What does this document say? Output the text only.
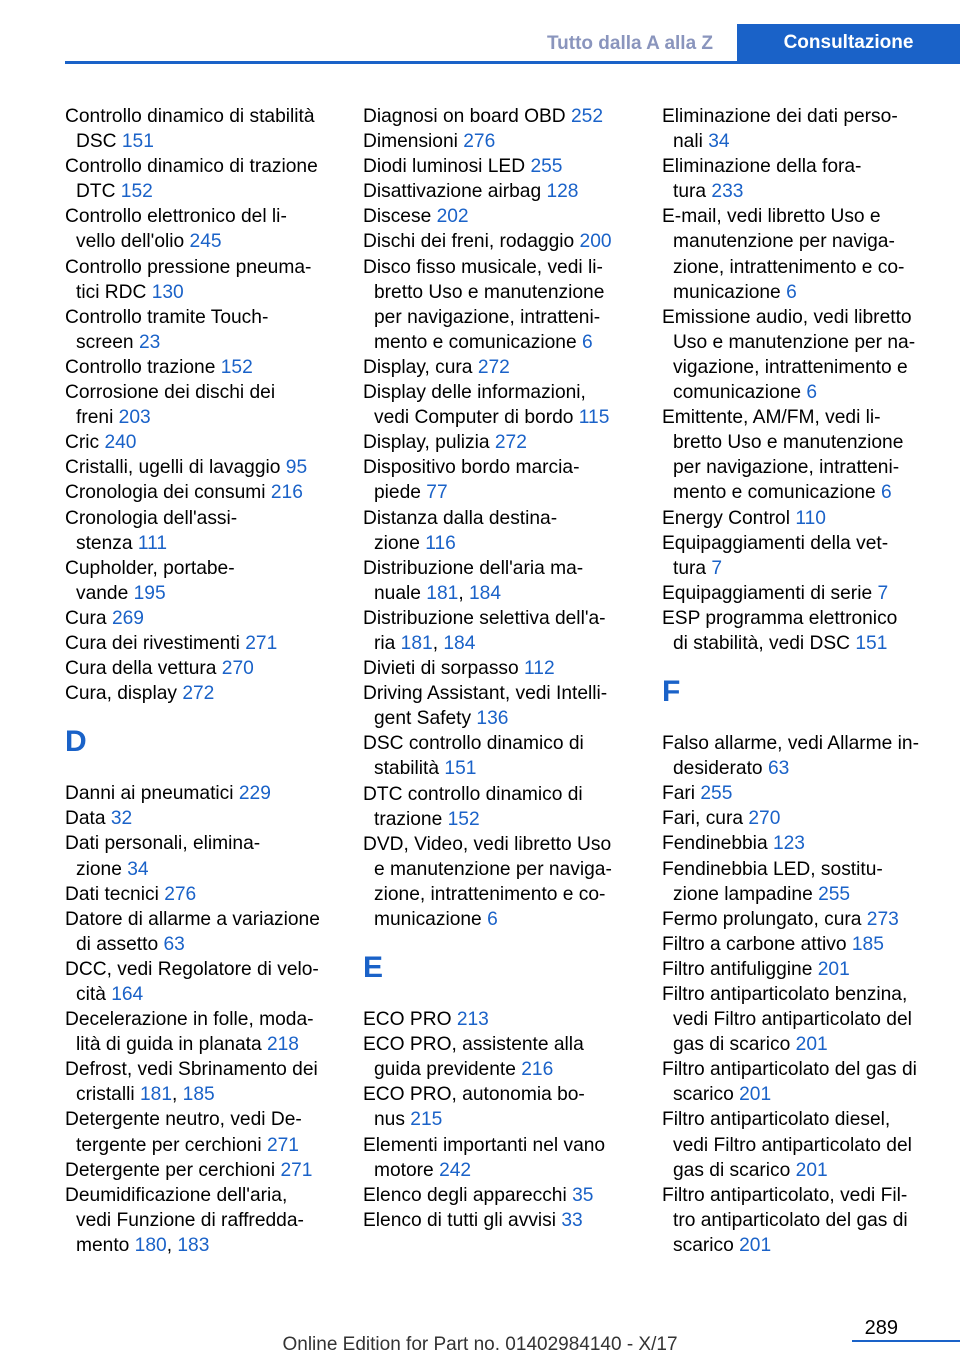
Tutto dalla A alla Z	Consultazione
Controllo dinamico di stabilità
DSC 151
Controllo dinamico di trazione
DTC 152
Controllo elettronico del li-
vello dell'olio 245
Controllo pressione pneuma-
tici RDC 130
Controllo tramite Touch-
screen 23
Controllo trazione 152
Corrosione dei dischi dei
freni 203
Cric 240
Cristalli, ugelli di lavaggio 95
Cronologia dei consumi 216
Cronologia dell'assi-
stenza 111
Cupholder, portabe-
vande 195
Cura 269
Cura dei rivestimenti 271
Cura della vettura 270
Cura, display 272
D
Danni ai pneumatici 229
Data 32
Dati personali, elimina-
zione 34
Dati tecnici 276
Datore di allarme a variazione
di assetto 63
DCC, vedi Regolatore di velo-
cità 164
Decelerazione in folle, moda-
lità di guida in planata 218
Defrost, vedi Sbrinamento dei
cristalli 181, 185
Detergente neutro, vedi De-
tergente per cerchioni 271
Detergente per cerchioni 271
Deumidificazione dell'aria,
vedi Funzione di raffredda-
mento 180, 183
Diagnosi on board OBD 252
Dimensioni 276
Diodi luminosi LED 255
Disattivazione airbag 128
Discese 202
Dischi dei freni, rodaggio 200
Disco fisso musicale, vedi li-
bretto Uso e manutenzione
per navigazione, intratteni-
mento e comunicazione 6
Display, cura 272
Display delle informazioni,
vedi Computer di bordo 115
Display, pulizia 272
Dispositivo bordo marcia-
piede 77
Distanza dalla destina-
zione 116
Distribuzione dell'aria ma-
nuale 181, 184
Distribuzione selettiva dell'a-
ria 181, 184
Divieti di sorpasso 112
Driving Assistant, vedi Intelli-
gent Safety 136
DSC controllo dinamico di
stabilità 151
DTC controllo dinamico di
trazione 152
DVD, Video, vedi libretto Uso
e manutenzione per naviga-
zione, intrattenimento e co-
municazione 6
E
ECO PRO 213
ECO PRO, assistente alla
guida previdente 216
ECO PRO, autonomia bo-
nus 215
Elementi importanti nel vano
motore 242
Elenco degli apparecchi 35
Elenco di tutti gli avvisi 33
Eliminazione dei dati perso-
nali 34
Eliminazione della fora-
tura 233
E-mail, vedi libretto Uso e
manutenzione per naviga-
zione, intrattenimento e co-
municazione 6
Emissione audio, vedi libretto
Uso e manutenzione per na-
vigazione, intrattenimento e
comunicazione 6
Emittente, AM/FM, vedi li-
bretto Uso e manutenzione
per navigazione, intratteni-
mento e comunicazione 6
Energy Control 110
Equipaggiamenti della vet-
tura 7
Equipaggiamenti di serie 7
ESP programma elettronico
di stabilità, vedi DSC 151
F
Falso allarme, vedi Allarme in-
desiderato 63
Fari 255
Fari, cura 270
Fendinebbia 123
Fendinebbia LED, sostitu-
zione lampadine 255
Fermo prolungato, cura 273
Filtro a carbone attivo 185
Filtro antifuliggine 201
Filtro antiparticolato benzina,
vedi Filtro antiparticolato del
gas di scarico 201
Filtro antiparticolato del gas di
scarico 201
Filtro antiparticolato diesel,
vedi Filtro antiparticolato del
gas di scarico 201
Filtro antiparticolato, vedi Fil-
tro antiparticolato del gas di
scarico 201
289
Online Edition for Part no. 01402984140 - X/17
